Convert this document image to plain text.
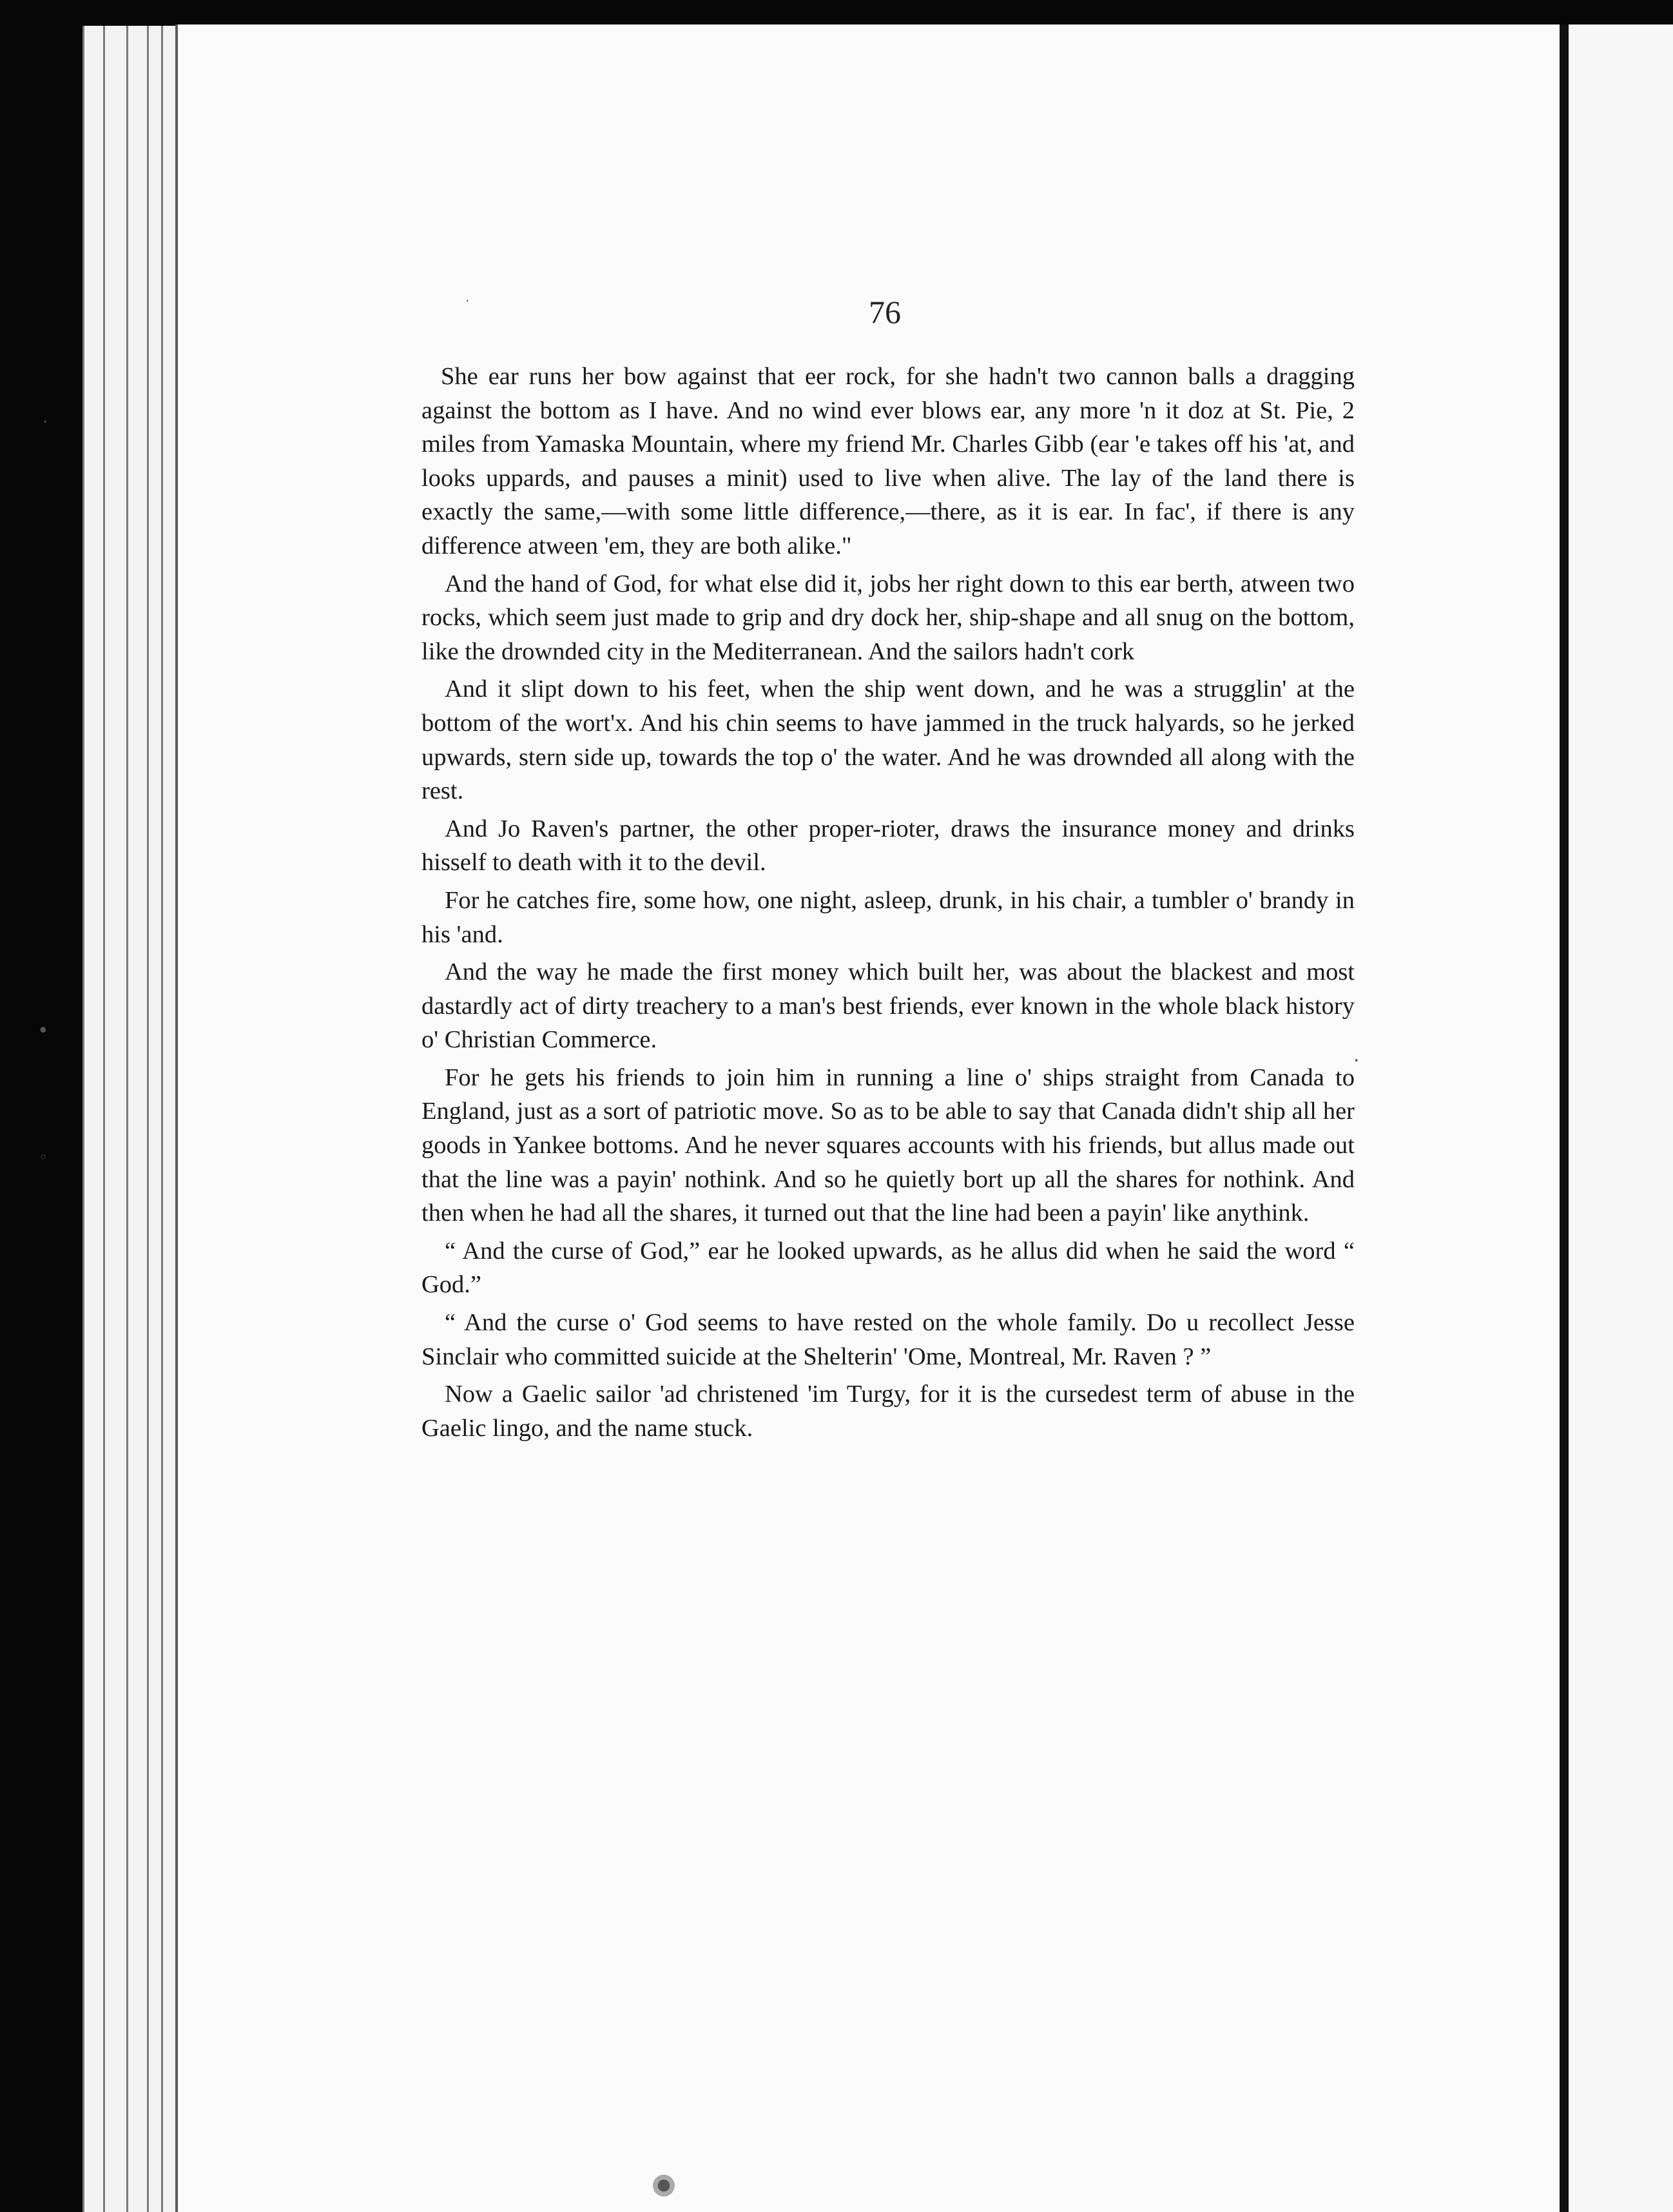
·
•
◦
·
.
76

She ear runs her bow against that eer rock, for she hadn't two cannon balls a dragging against the bottom as I have. And no wind ever blows ear, any more 'n it doz at St. Pie, 2 miles from Yamaska Mountain, where my friend Mr. Charles Gibb (ear 'e takes off his 'at, and looks uppards, and pauses a minit) used to live when alive. The lay of the land there is exactly the same,—with some little difference,—there, as it is ear. In fac', if there is any difference atween 'em, they are both alike."

And the hand of God, for what else did it, jobs her right down to this ear berth, atween two rocks, which seem just made to grip and dry dock her, ship-shape and all snug on the bottom, like the drownded city in the Mediterranean. And the sailors hadn't cork

And it slipt down to his feet, when the ship went down, and he was a strugglin' at the bottom of the wort'x. And his chin seems to have jammed in the truck halyards, so he jerked upwards, stern side up, towards the top o' the water. And he was drownded all along with the rest.

And Jo Raven's partner, the other proper-rioter, draws the insurance money and drinks hisself to death with it to the devil.

For he catches fire, some how, one night, asleep, drunk, in his chair, a tumbler o' brandy in his 'and.

And the way he made the first money which built her, was about the blackest and most dastardly act of dirty treachery to a man's best friends, ever known in the whole black history o' Christian Commerce.

For he gets his friends to join him in running a line o' ships straight from Canada to England, just as a sort of patriotic move. So as to be able to say that Canada didn't ship all her goods in Yankee bottoms. And he never squares accounts with his friends, but allus made out that the line was a payin' nothink. And so he quietly bort up all the shares for nothink. And then when he had all the shares, it turned out that the line had been a payin' like anythink.

“ And the curse of God,” ear he looked upwards, as he allus did when he said the word “ God.”

“ And the curse o' God seems to have rested on the whole family. Do u recollect Jesse Sinclair who committed suicide at the Shelterin' 'Ome, Montreal, Mr. Raven ? ”

Now a Gaelic sailor 'ad christened 'im Turgy, for it is the cursedest term of abuse in the Gaelic lingo, and the name stuck.
